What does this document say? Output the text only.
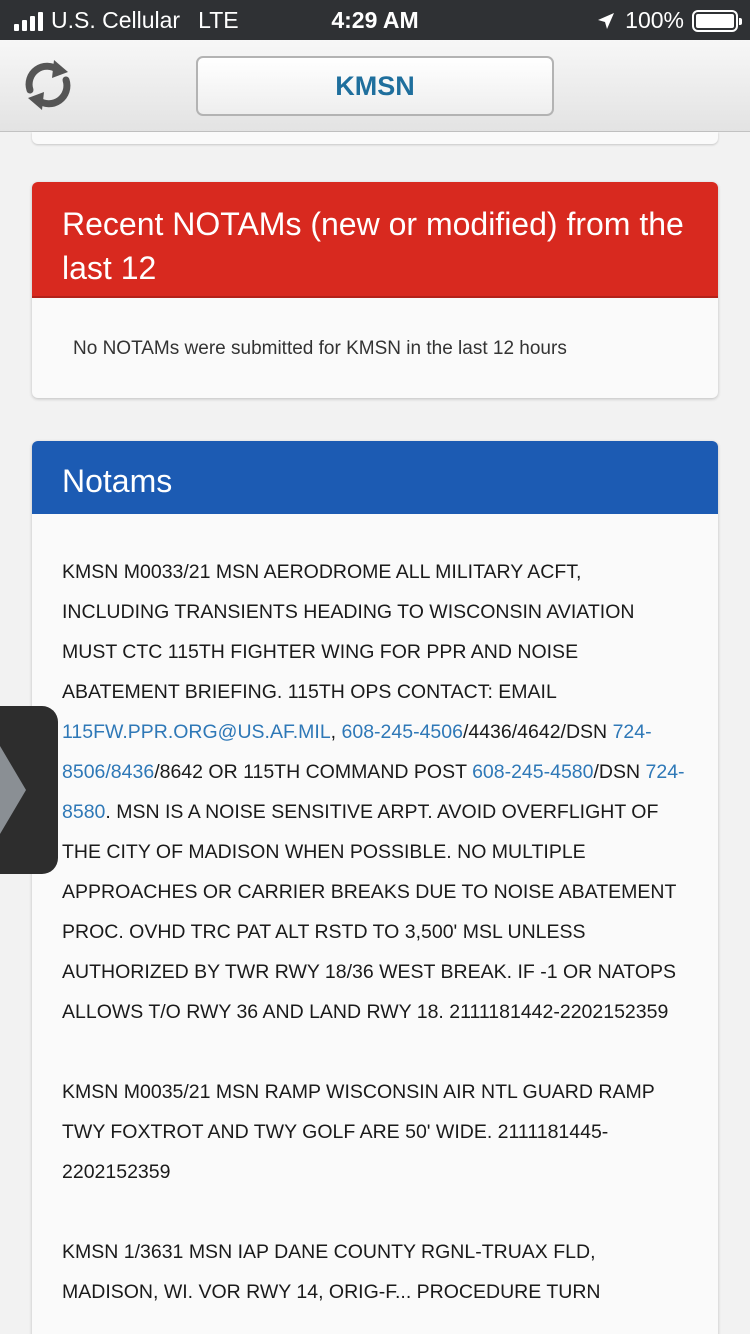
U.S. Cellular LTE	4:29 AM	100%
KMSN
Recent NOTAMs (new or modified) from the last 12
No NOTAMs were submitted for KMSN in the last 12 hours
Notams

KMSN M0033/21 MSN AERODROME ALL MILITARY ACFT, INCLUDING TRANSIENTS HEADING TO WISCONSIN AVIATION MUST CTC 115TH FIGHTER WING FOR PPR AND NOISE ABATEMENT BRIEFING. 115TH OPS CONTACT: EMAIL 115FW.PPR.ORG@US.AF.MIL, 608-245-4506/4436/4642/DSN 724-8506/8436/8642 OR 115TH COMMAND POST 608-245-4580/DSN 724-8580. MSN IS A NOISE SENSITIVE ARPT. AVOID OVERFLIGHT OF THE CITY OF MADISON WHEN POSSIBLE. NO MULTIPLE APPROACHES OR CARRIER BREAKS DUE TO NOISE ABATEMENT PROC. OVHD TRC PAT ALT RSTD TO 3,500' MSL UNLESS AUTHORIZED BY TWR RWY 18/36 WEST BREAK. IF -1 OR NATOPS ALLOWS T/O RWY 36 AND LAND RWY 18. 2111181442-2202152359

KMSN M0035/21 MSN RAMP WISCONSIN AIR NTL GUARD RAMP TWY FOXTROT AND TWY GOLF ARE 50' WIDE. 2111181445-2202152359

KMSN 1/3631 MSN IAP DANE COUNTY RGNL-TRUAX FLD, MADISON, WI. VOR RWY 14, ORIG-F... PROCEDURE TURN
